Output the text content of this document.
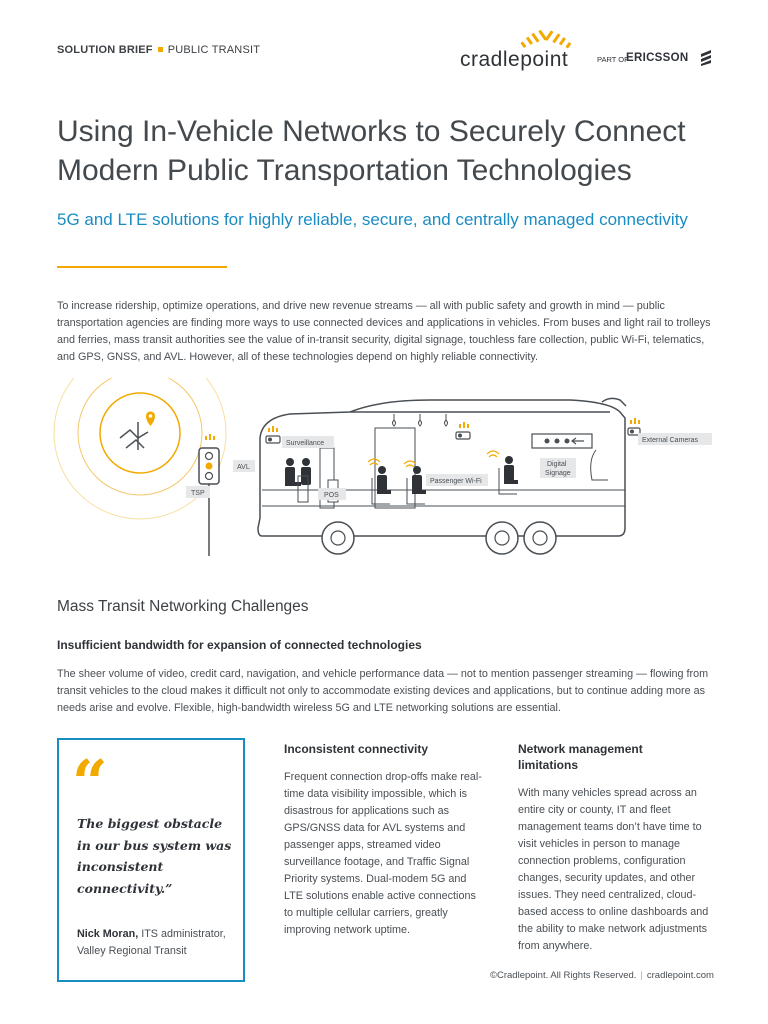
SOLUTION BRIEF PUBLIC TRANSIT	cradlepoint	PART OF
ERICSSON
Using In-Vehicle Networks to Securely Connect Modern Public Transportation Technologies
5G and LTE solutions for highly reliable, secure, and centrally managed connectivity
To increase ridership, optimize operations, and drive new revenue streams — all with public safety and growth in mind — public transportation agencies are finding more ways to use connected devices and applications in vehicles. From buses and light rail to trolleys and ferries, mass transit authorities see the value of in-transit security, digital signage, touchless fare collection, public Wi-Fi, telematics, and GPS, GNSS, and AVL. However, all of these technologies depend on highly reliable connectivity.
TSP	POS
AVL
Surveillance
Passenger Wi-Fi
Digital
Signage
External Cameras
Mass Transit Networking Challenges
Insufficient bandwidth for expansion of connected technologies
The sheer volume of video, credit card, navigation, and vehicle performance data — not to mention passenger streaming — flowing from transit vehicles to the cloud makes it difficult not only to accommodate existing devices and applications, but to continue adding more as needs arise and evolve. Flexible, high-bandwidth wireless 5G and LTE networking solutions are essential.
“
The biggest obstacle in our bus system was inconsistent connectivity.”
Nick Moran, ITS administrator, Valley Regional Transit
Inconsistent connectivity
Frequent connection drop-offs make real-time data visibility impossible, which is disastrous for applications such as GPS/GNSS data for AVL systems and passenger apps, streamed video surveillance footage, and Traffic Signal Priority systems. Dual-modem 5G and LTE solutions enable active connections to multiple cellular carriers, greatly improving network uptime.
Network management limitations
With many vehicles spread across an entire city or county, IT and fleet management teams don’t have time to visit vehicles in person to manage connection problems, configuration changes, security updates, and other issues. They need centralized, cloud-based access to online dashboards and the ability to make network adjustments from anywhere.
©Cradlepoint. All Rights Reserved. | cradlepoint.com
